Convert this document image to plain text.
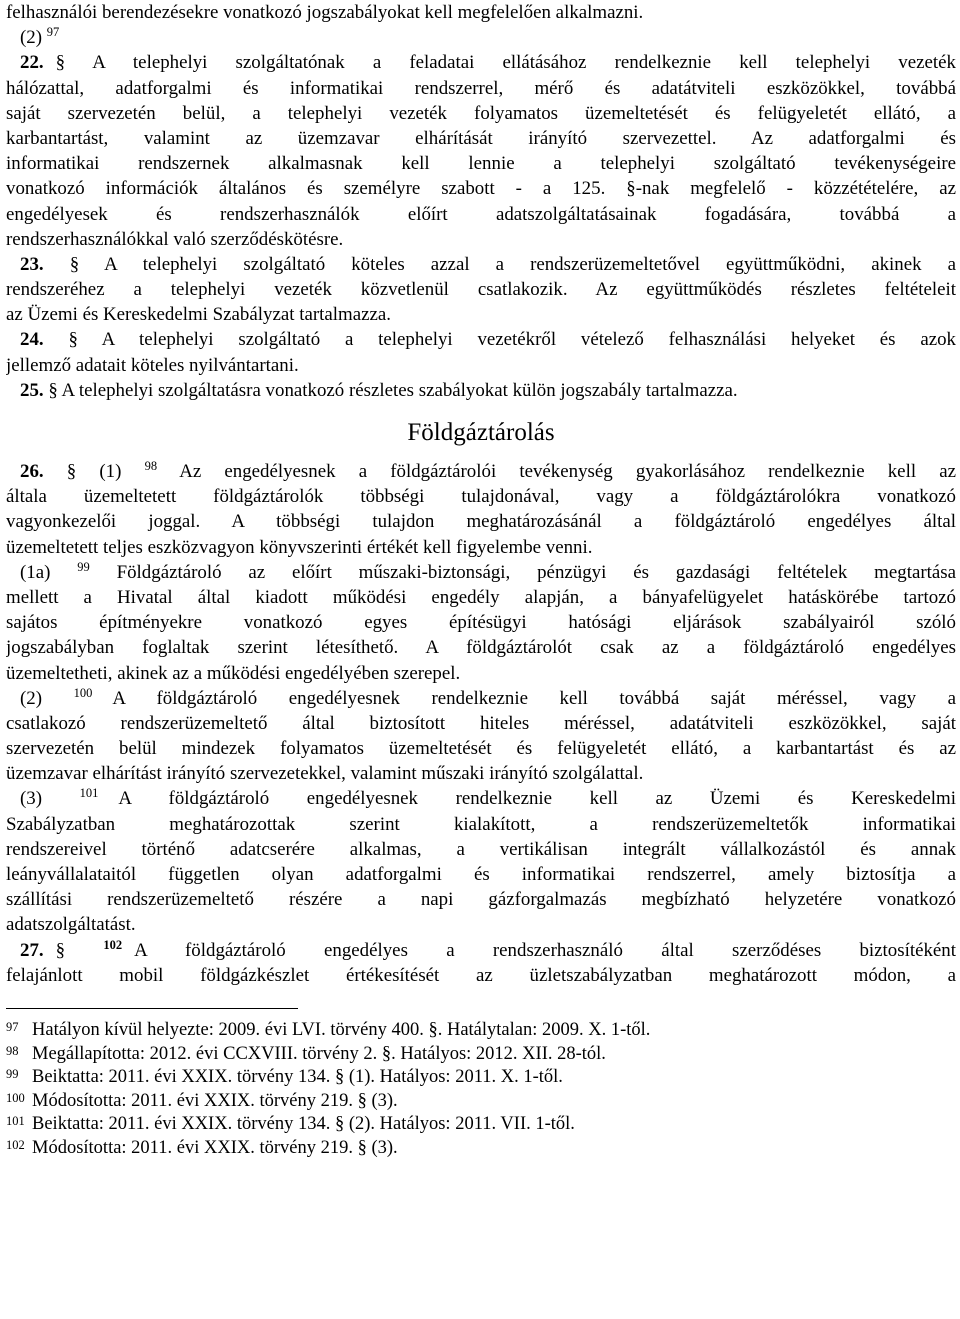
felhasználói berendezésekre vonatkozó jogszabályokat kell megfelelően alkalmazni.
(2) $^{97}$
22. § A telephelyi szolgáltatónak a feladatai ellátásához rendelkeznie kell telephelyi vezeték
hálózattal, adatforgalmi és informatikai rendszerrel, mérő és adatátviteli eszközökkel, továbbá
saját szervezetén belül, a telephelyi vezeték folyamatos üzemeltetését és felügyeletét ellátó, a
karbantartást, valamint az üzemzavar elhárítását irányító szervezettel. Az adatforgalmi és
informatikai rendszernek alkalmasnak kell lennie a telephelyi szolgáltató tevékenységeire
vonatkozó információk általános és személyre szabott - a 125. §-nak megfelelő - közzétételére, az
engedélyesek és rendszerhasználók előírt adatszolgáltatásainak fogadására, továbbá a
rendszerhasználókkal való szerződéskötésre.
23. § A telephelyi szolgáltató köteles azzal a rendszerüzemeltetővel együttműködni, akinek a
rendszeréhez a telephelyi vezeték közvetlenül csatlakozik. Az együttműködés részletes feltételeit
az Üzemi és Kereskedelmi Szabályzat tartalmazza.
24. § A telephelyi szolgáltató a telephelyi vezetékről vételező felhasználási helyeket és azok
jellemző adatait köteles nyilvántartani.
25. § A telephelyi szolgáltatásra vonatkozó részletes szabályokat külön jogszabály tartalmazza.
Földgáztárolás
26. § (1) $^{98}$ Az engedélyesnek a földgáztárolói tevékenység gyakorlásához rendelkeznie kell az
általa üzemeltetett földgáztárolók többségi tulajdonával, vagy a földgáztárolókra vonatkozó
vagyonkezelői joggal. A többségi tulajdon meghatározásánál a földgáztároló engedélyes által
üzemeltetett teljes eszközvagyon könyvszerinti értékét kell figyelembe venni.
(1a) $^{99}$ Földgáztároló az előírt műszaki-biztonsági, pénzügyi és gazdasági feltételek megtartása
mellett a Hivatal által kiadott működési engedély alapján, a bányafelügyelet hatáskörébe tartozó
sajátos építményekre vonatkozó egyes építésügyi hatósági eljárások szabályairól szóló
jogszabályban foglaltak szerint létesíthető. A földgáztárolót csak az a földgáztároló engedélyes
üzemeltetheti, akinek az a működési engedélyében szerepel.
(2)	$^{100}$ A földgáztároló engedélyesnek rendelkeznie kell továbbá saját méréssel, vagy a
csatlakozó rendszerüzemeltető által biztosított hiteles méréssel, adatátviteli eszközökkel, saját
szervezetén belül mindezek folyamatos üzemeltetését és felügyeletét ellátó, a karbantartást és az
üzemzavar elhárítást irányító szervezetekkel, valamint műszaki irányító szolgálattal.
(3)	$^{101}$ A földgáztároló engedélyesnek rendelkeznie kell az Üzemi és Kereskedelmi
Szabályzatban meghatározottak szerint kialakított, a rendszerüzemeltetők informatikai
rendszereivel történő adatcserére alkalmas, a vertikálisan integrált vállalkozástól és annak
leányvállalataitól független olyan adatforgalmi és informatikai rendszerrel, amely biztosítja a
szállítási rendszerüzemeltető részére a napi gázforgalmazás megbízható helyzetére vonatkozó
adatszolgáltatást.
27. §	$^{102}$ A földgáztároló engedélyes a rendszerhasználó által szerződéses biztosítéként
felajánlott mobil földgázkészlet értékesítését az üzletszabályzatban meghatározott módon, a
97 Hatályon kívül helyezte: 2009. évi LVI. törvény 400. §. Hatálytalan: 2009. X. 1-től.
98 Megállapította: 2012. évi CCXVIII. törvény 2. §. Hatályos: 2012. XII. 28-tól.
99 Beiktatta: 2011. évi XXIX. törvény 134. § (1). Hatályos: 2011. X. 1-től.
100 Módosította: 2011. évi XXIX. törvény 219. § (3).
101 Beiktatta: 2011. évi XXIX. törvény 134. § (2). Hatályos: 2011. VII. 1-től.
102 Módosította: 2011. évi XXIX. törvény 219. § (3).
